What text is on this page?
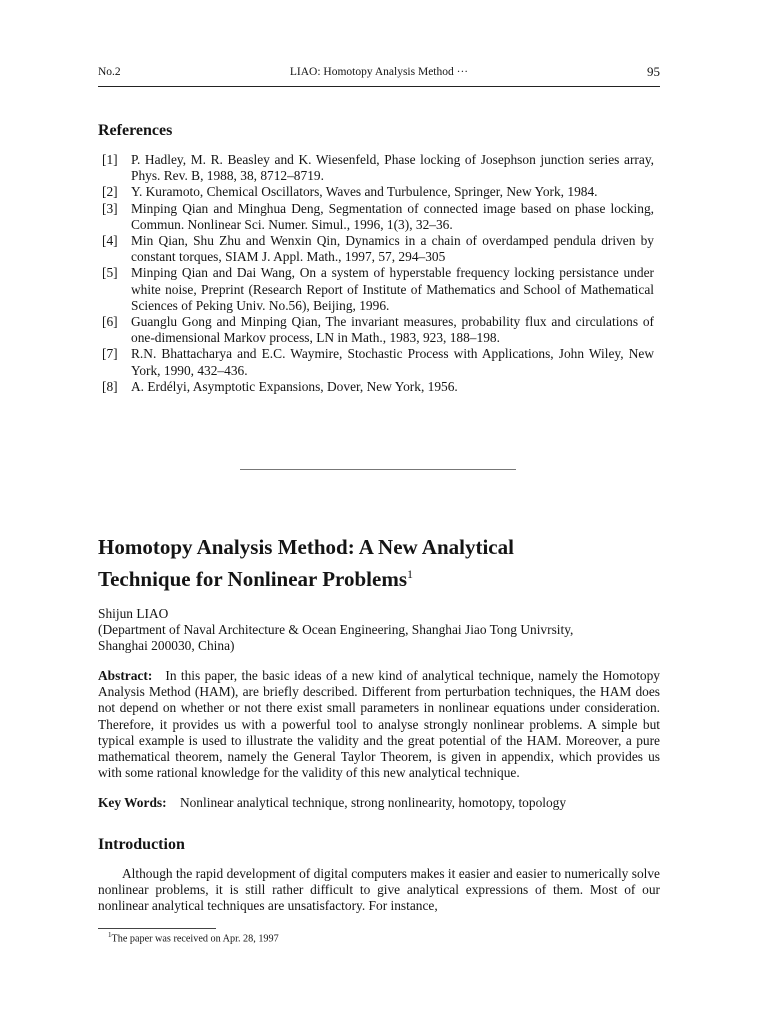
No.2	LIAO: Homotopy Analysis Method ···	95
References
[1] P. Hadley, M. R. Beasley and K. Wiesenfeld, Phase locking of Josephson junction series array, Phys. Rev. B, 1988, 38, 8712–8719.
[2] Y. Kuramoto, Chemical Oscillators, Waves and Turbulence, Springer, New York, 1984.
[3] Minping Qian and Minghua Deng, Segmentation of connected image based on phase locking, Commun. Nonlinear Sci. Numer. Simul., 1996, 1(3), 32–36.
[4] Min Qian, Shu Zhu and Wenxin Qin, Dynamics in a chain of overdamped pendula driven by constant torques, SIAM J. Appl. Math., 1997, 57, 294–305
[5] Minping Qian and Dai Wang, On a system of hyperstable frequency locking persistance under white noise, Preprint (Research Report of Institute of Mathematics and School of Mathematical Sciences of Peking Univ. No.56), Beijing, 1996.
[6] Guanglu Gong and Minping Qian, The invariant measures, probability flux and circulations of one-dimensional Markov process, LN in Math., 1983, 923, 188–198.
[7] R.N. Bhattacharya and E.C. Waymire, Stochastic Process with Applications, John Wiley, New York, 1990, 432–436.
[8] A. Erdélyi, Asymptotic Expansions, Dover, New York, 1956.
Homotopy Analysis Method: A New Analytical
Technique for Nonlinear Problems$^1$
Shijun LIAO
(Department of Naval Architecture & Ocean Engineering, Shanghai Jiao Tong Univrsity,
Shanghai 200030, China)
Abstract: In this paper, the basic ideas of a new kind of analytical technique, namely the Homotopy Analysis Method (HAM), are briefly described. Different from perturbation techniques, the HAM does not depend on whether or not there exist small parameters in nonlinear equations under consideration. Therefore, it provides us with a powerful tool to analyse strongly nonlinear problems. A simple but typical example is used to illustrate the validity and the great potential of the HAM. Moreover, a pure mathematical theorem, namely the General Taylor Theorem, is given in appendix, which provides us with some rational knowledge for the validity of this new analytical technique.
Key Words: Nonlinear analytical technique, strong nonlinearity, homotopy, topology
Introduction
Although the rapid development of digital computers makes it easier and easier to numerically solve nonlinear problems, it is still rather difficult to give analytical expressions of them. Most of our nonlinear analytical techniques are unsatisfactory. For instance,
$^1$The paper was received on Apr. 28, 1997
